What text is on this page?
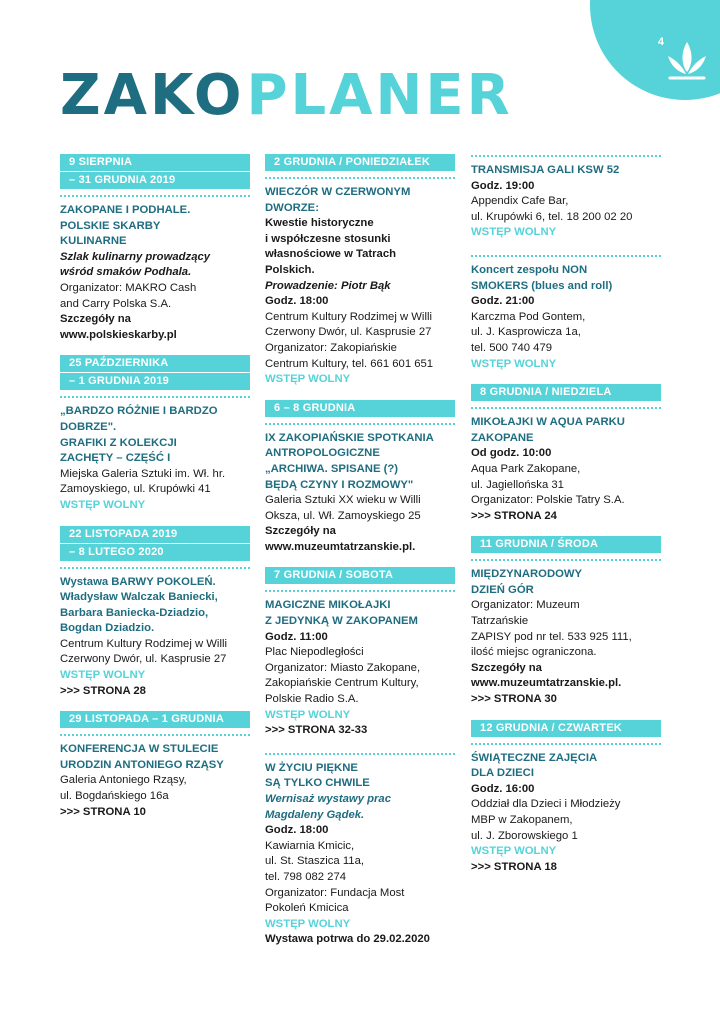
4
ZAKO PLANER
9 SIERPNIA
– 31 GRUDNIA 2019
ZAKOPANE I PODHALE.
POLSKIE SKARBY
KULINARNE
Szlak kulinarny prowadzący
wśród smaków Podhala.
Organizator: MAKRO Cash
and Carry Polska S.A.
Szczegóły na
www.polskieskarby.pl
25 PAŹDZIERNIKA
– 1 GRUDNIA 2019
„BARDZO RÓŻNIE I BARDZO
DOBRZE".
GRAFIKI Z KOLEKCJI
ZACHĘTY – CZĘŚĆ I
Miejska Galeria Sztuki im. Wł. hr.
Zamoyskiego, ul. Krupówki 41
WSTĘP WOLNY
22 LISTOPADA 2019
– 8 LUTEGO 2020
Wystawa BARWY POKOLEŃ.
Władysław Walczak Baniecki,
Barbara Baniecka-Dziadzio,
Bogdan Dziadzio.
Centrum Kultury Rodzimej w Willi
Czerwony Dwór, ul. Kasprusie 27
WSTĘP WOLNY
>>> STRONA 28
29 LISTOPADA – 1 GRUDNIA
KONFERENCJA W STULECIE
URODZIN ANTONIEGO RZĄSY
Galeria Antoniego Rząsy,
ul. Bogdańskiego 16a
>>> STRONA 10
2 GRUDNIA / PONIEDZIAŁEK
WIECZÓR W CZERWONYM
DWORZE:
Kwestie historyczne
i współczesne stosunki
własnościowe w Tatrach
Polskich.
Prowadzenie: Piotr Bąk
Godz. 18:00
Centrum Kultury Rodzimej w Willi
Czerwony Dwór, ul. Kasprusie 27
Organizator: Zakopiańskie
Centrum Kultury, tel. 661 601 651
WSTĘP WOLNY
6 – 8 GRUDNIA
IX ZAKOPIAŃSKIE SPOTKANIA
ANTROPOLOGICZNE
„ARCHIWA. SPISANE (?)
BĘDĄ CZYNY I ROZMOWY"
Galeria Sztuki XX wieku w Willi
Oksza, ul. Wł. Zamoyskiego 25
Szczegóły na
www.muzeumtatrzanskie.pl.
7 GRUDNIA / SOBOTA
MAGICZNE MIKOŁAJKI
Z JEDYNKĄ W ZAKOPANEM
Godz. 11:00
Plac Niepodległości
Organizator: Miasto Zakopane,
Zakopiańskie Centrum Kultury,
Polskie Radio S.A.
WSTĘP WOLNY
>>> STRONA 32-33
W ŻYCIU PIĘKNE
SĄ TYLKO CHWILE
Wernisaż wystawy prac
Magdaleny Gądek.
Godz. 18:00
Kawiarnia Kmicic,
ul. St. Staszica 11a,
tel. 798 082 274
Organizator: Fundacja Most
Pokoleń Kmicica
WSTĘP WOLNY
Wystawa potrwa do 29.02.2020
TRANSMISJA GALI KSW 52
Godz. 19:00
Appendix Cafe Bar,
ul. Krupówki 6, tel. 18 200 02 20
WSTĘP WOLNY
Koncert zespołu NON
SMOKERS (blues and roll)
Godz. 21:00
Karczma Pod Gontem,
ul. J. Kasprowicza 1a,
tel. 500 740 479
WSTĘP WOLNY
8 GRUDNIA / NIEDZIELA
MIKOŁAJKI W AQUA PARKU
ZAKOPANE
Od godz. 10:00
Aqua Park Zakopane,
ul. Jagiellońska 31
Organizator: Polskie Tatry S.A.
>>> STRONA 24
11 GRUDNIA / ŚRODA
MIĘDZYNARODOWY
DZIEŃ GÓR
Organizator: Muzeum
Tatrzańskie
ZAPISY pod nr tel. 533 925 111,
ilość miejsc ograniczona.
Szczegóły na
www.muzeumtatrzanskie.pl.
>>> STRONA 30
12 GRUDNIA / CZWARTEK
ŚWIĄTECZNE ZAJĘCIA
DLA DZIECI
Godz. 16:00
Oddział dla Dzieci i Młodzieży
MBP w Zakopanem,
ul. J. Zborowskiego 1
WSTĘP WOLNY
>>> STRONA 18
